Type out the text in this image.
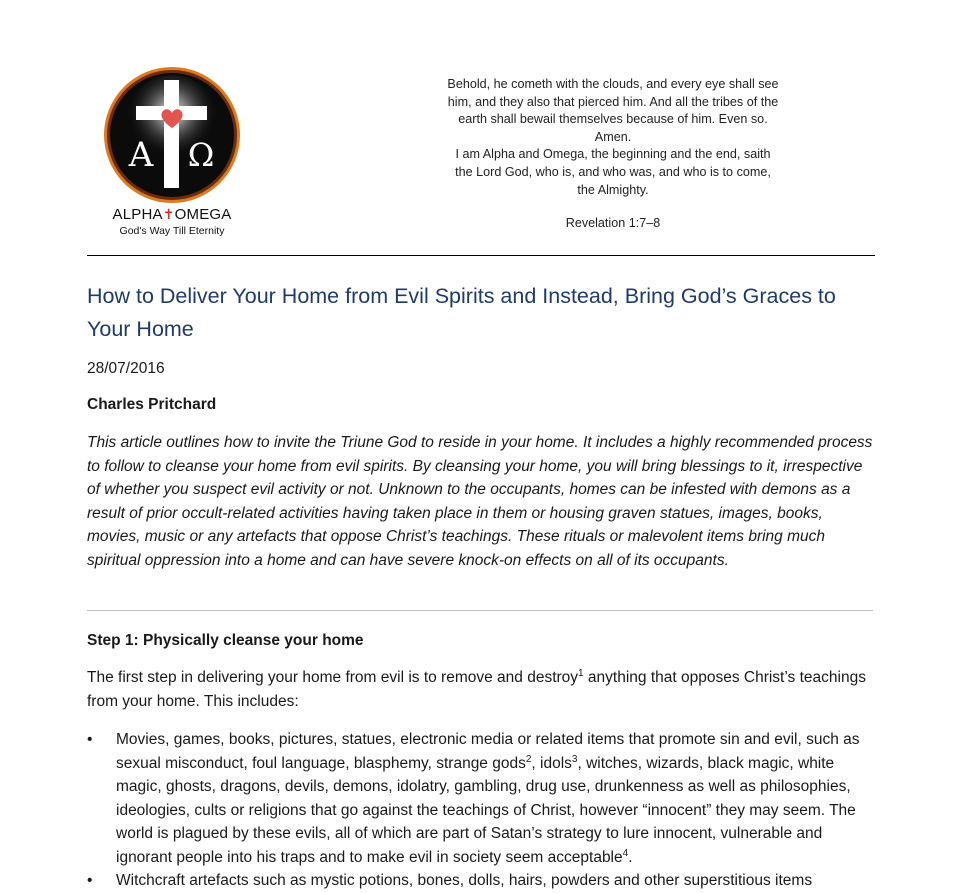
Α Ω
ALPHA✝OMEGA
God's Way Till Eternity
Behold, he cometh with the clouds, and every eye shall see
him, and they also that pierced him. And all the tribes of the
earth shall bewail themselves because of him. Even so.
Amen.
I am Alpha and Omega, the beginning and the end, saith
the Lord God, who is, and who was, and who is to come,
the Almighty.
Revelation 1:7–8
How to Deliver Your Home from Evil Spirits and Instead, Bring God’s Graces to Your Home
28/07/2016
Charles Pritchard

This article outlines how to invite the Triune God to reside in your home. It includes a highly recommended process to follow to cleanse your home from evil spirits. By cleansing your home, you will bring blessings to it, irrespective of whether you suspect evil activity or not. Unknown to the occupants, homes can be infested with demons as a result of prior occult-related activities having taken place in them or housing graven statues, images, books, movies, music or any artefacts that oppose Christ’s teachings. These rituals or malevolent items bring much spiritual oppression into a home and can have severe knock-on effects on all of its occupants.

Step 1: Physically cleanse your home

The first step in delivering your home from evil is to remove and destroy$^1$ anything that opposes Christ’s teachings from your home. This includes:

• Movies, games, books, pictures, statues, electronic media or related items that promote sin and evil, such as sexual misconduct, foul language, blasphemy, strange gods$^2$, idols$^3$, witches, wizards, black magic, white magic, ghosts, dragons, devils, demons, idolatry, gambling, drug use, drunkenness as well as philosophies, ideologies, cults or religions that go against the teachings of Christ, however “innocent” they may seem. The world is plagued by these evils, all of which are part of Satan’s strategy to lure innocent, vulnerable and ignorant people into his traps and to make evil in society seem acceptable$^4$.
• Witchcraft artefacts such as mystic potions, bones, dolls, hairs, powders and other superstitious items
